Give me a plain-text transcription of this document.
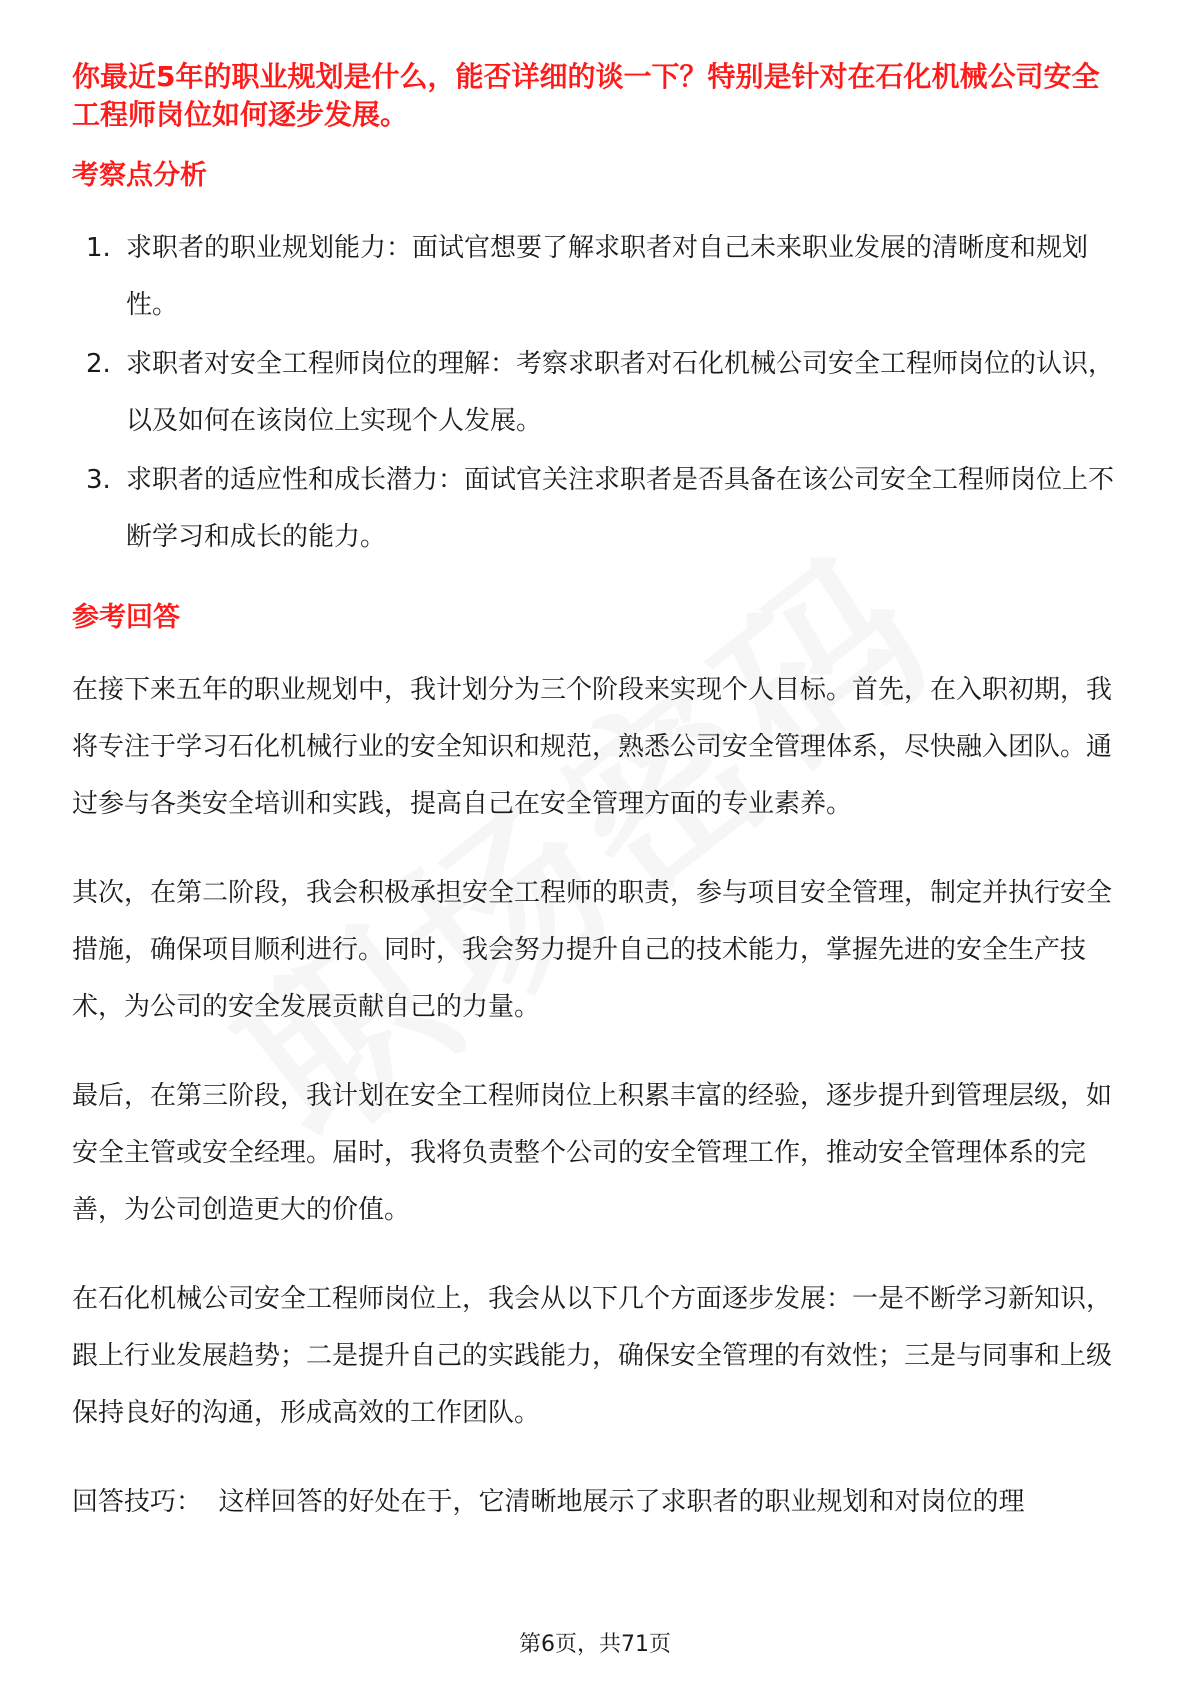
你最近5年的职业规划是什么，能否详细的谈一下？特别是针对在石化机械公司安全工程师岗位如何逐步发展。

考察点分析
1. 求职者的职业规划能力：面试官想要了解求职者对自己未来职业发展的清晰度和规划性。
2. 求职者对安全工程师岗位的理解：考察求职者对石化机械公司安全工程师岗位的认识，以及如何在该岗位上实现个人发展。
3. 求职者的适应性和成长潜力：面试官关注求职者是否具备在该公司安全工程师岗位上不断学习和成长的能力。
参考回答

在接下来五年的职业规划中，我计划分为三个阶段来实现个人目标。首先，在入职初期，我将专注于学习石化机械行业的安全知识和规范，熟悉公司安全管理体系，尽快融入团队。通过参与各类安全培训和实践，提高自己在安全管理方面的专业素养。

其次，在第二阶段，我会积极承担安全工程师的职责，参与项目安全管理，制定并执行安全措施，确保项目顺利进行。同时，我会努力提升自己的技术能力，掌握先进的安全生产技术，为公司的安全发展贡献自己的力量。

最后，在第三阶段，我计划在安全工程师岗位上积累丰富的经验，逐步提升到管理层级，如安全主管或安全经理。届时，我将负责整个公司的安全管理工作，推动安全管理体系的完善，为公司创造更大的价值。

在石化机械公司安全工程师岗位上，我会从以下几个方面逐步发展：一是不断学习新知识，跟上行业发展趋势；二是提升自己的实践能力，确保安全管理的有效性；三是与同事和上级保持良好的沟通，形成高效的工作团队。

回答技巧：  这样回答的好处在于，它清晰地展示了求职者的职业规划和对岗位的理

第6页，共71页
